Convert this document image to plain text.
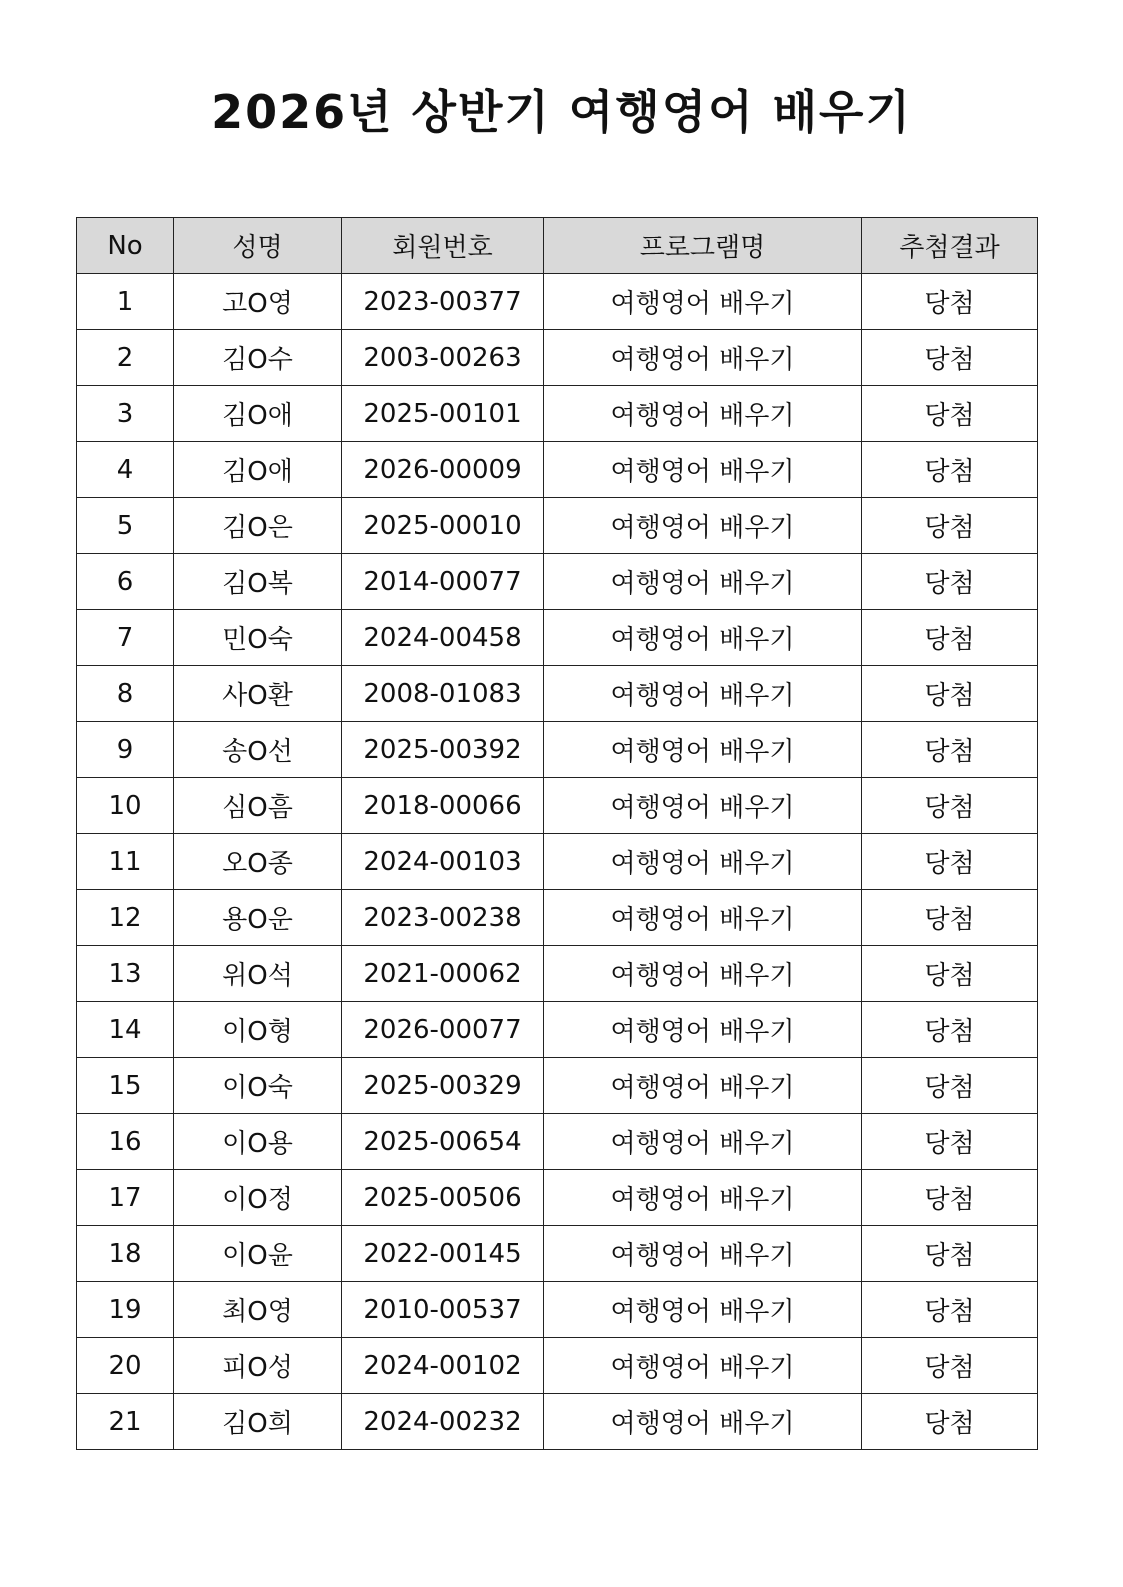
2026년 상반기 여행영어 배우기
No	성명	회원번호	프로그램명	추첨결과
1	고O영	2023-00377	여행영어 배우기	당첨
2	김O수	2003-00263	여행영어 배우기	당첨
3	김O애	2025-00101	여행영어 배우기	당첨
4	김O애	2026-00009	여행영어 배우기	당첨
5	김O은	2025-00010	여행영어 배우기	당첨
6	김O복	2014-00077	여행영어 배우기	당첨
7	민O숙	2024-00458	여행영어 배우기	당첨
8	사O환	2008-01083	여행영어 배우기	당첨
9	송O선	2025-00392	여행영어 배우기	당첨
10	심O흠	2018-00066	여행영어 배우기	당첨
11	오O종	2024-00103	여행영어 배우기	당첨
12	용O운	2023-00238	여행영어 배우기	당첨
13	위O석	2021-00062	여행영어 배우기	당첨
14	이O형	2026-00077	여행영어 배우기	당첨
15	이O숙	2025-00329	여행영어 배우기	당첨
16	이O용	2025-00654	여행영어 배우기	당첨
17	이O정	2025-00506	여행영어 배우기	당첨
18	이O윤	2022-00145	여행영어 배우기	당첨
19	최O영	2010-00537	여행영어 배우기	당첨
20	피O성	2024-00102	여행영어 배우기	당첨
21	김O희	2024-00232	여행영어 배우기	당첨
